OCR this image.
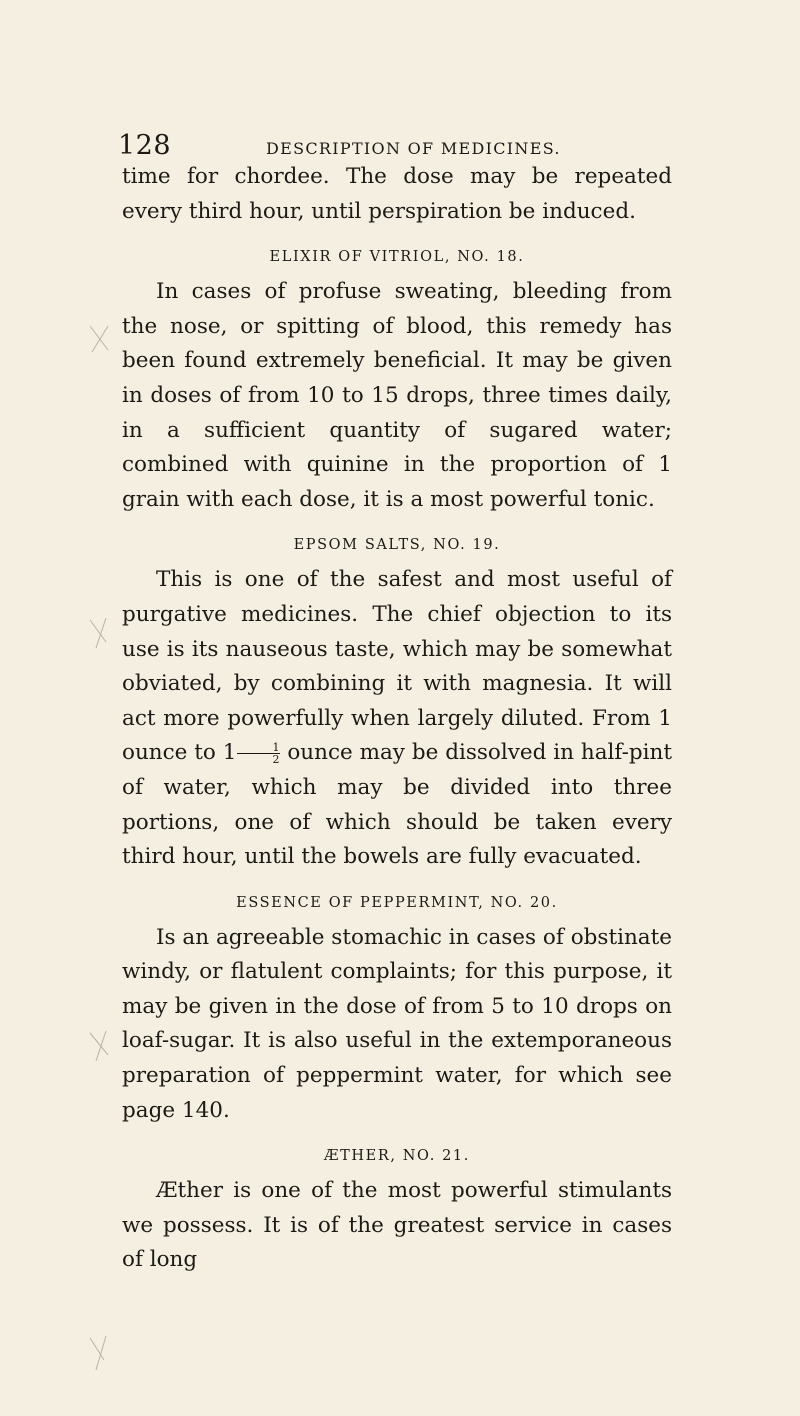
128	DESCRIPTION OF MEDICINES.

time for chordee. The dose may be repeated every third hour, until perspiration be induced.

ELIXIR OF VITRIOL, NO. 18.

In cases of profuse sweating, bleeding from the nose, or spitting of blood, this remedy has been found extremely beneficial. It may be given in doses of from 10 to 15 drops, three times daily, in a sufficient quantity of sugared water; combined with quinine in the proportion of 1 grain with each dose, it is a most powerful tonic.

EPSOM SALTS, NO. 19.

This is one of the safest and most useful of purgative medicines. The chief objection to its use is its nauseous taste, which may be somewhat obviated, by combining it with magnesia. It will act more powerfully when largely diluted. From 1 ounce to $1 \frac{1}{2}$ ounce may be dissolved in half-pint of water, which may be divided into three portions, one of which should be taken every third hour, until the bowels are fully evacuated.

ESSENCE OF PEPPERMINT, NO. 20.

Is an agreeable stomachic in cases of obstinate windy, or flatulent complaints; for this purpose, it may be given in the dose of from 5 to 10 drops on loaf-sugar. It is also useful in the extemporaneous preparation of peppermint water, for which see page 140.

ÆTHER, NO. 21.

Æther is one of the most powerful stimulants we possess. It is of the greatest service in cases of long
